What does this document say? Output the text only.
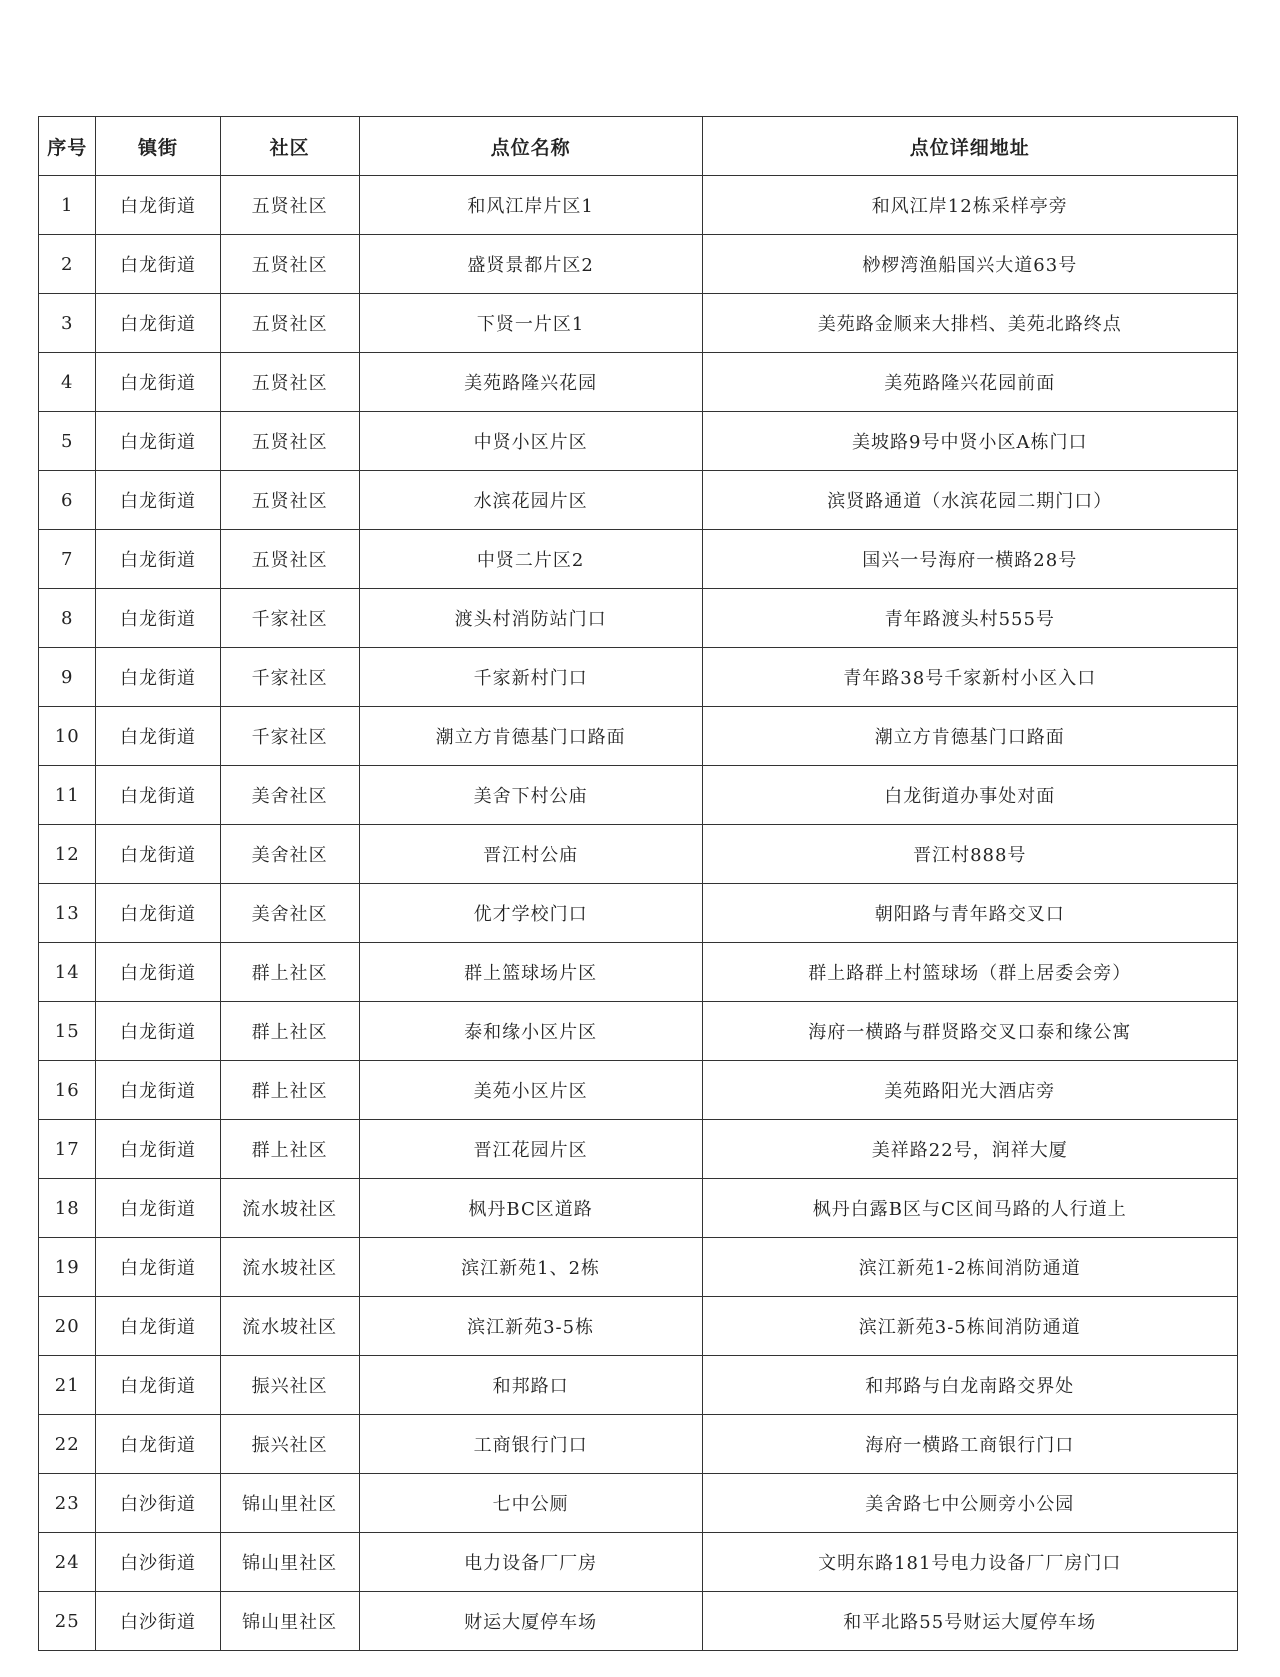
序号	镇街	社区	点位名称	点位详细地址
1	白龙街道	五贤社区	和风江岸片区1	和风江岸12栋采样亭旁
2	白龙街道	五贤社区	盛贤景都片区2	桫椤湾渔船国兴大道63号
3	白龙街道	五贤社区	下贤一片区1	美苑路金顺来大排档、美苑北路终点
4	白龙街道	五贤社区	美苑路隆兴花园	美苑路隆兴花园前面
5	白龙街道	五贤社区	中贤小区片区	美坡路9号中贤小区A栋门口
6	白龙街道	五贤社区	水滨花园片区	滨贤路通道（水滨花园二期门口）
7	白龙街道	五贤社区	中贤二片区2	国兴一号海府一横路28号
8	白龙街道	千家社区	渡头村消防站门口	青年路渡头村555号
9	白龙街道	千家社区	千家新村门口	青年路38号千家新村小区入口
10	白龙街道	千家社区	潮立方肯德基门口路面	潮立方肯德基门口路面
11	白龙街道	美舍社区	美舍下村公庙	白龙街道办事处对面
12	白龙街道	美舍社区	晋江村公庙	晋江村888号
13	白龙街道	美舍社区	优才学校门口	朝阳路与青年路交叉口
14	白龙街道	群上社区	群上篮球场片区	群上路群上村篮球场（群上居委会旁）
15	白龙街道	群上社区	泰和缘小区片区	海府一横路与群贤路交叉口泰和缘公寓
16	白龙街道	群上社区	美苑小区片区	美苑路阳光大酒店旁
17	白龙街道	群上社区	晋江花园片区	美祥路22号，润祥大厦
18	白龙街道	流水坡社区	枫丹BC区道路	枫丹白露B区与C区间马路的人行道上
19	白龙街道	流水坡社区	滨江新苑1、2栋	滨江新苑1-2栋间消防通道
20	白龙街道	流水坡社区	滨江新苑3-5栋	滨江新苑3-5栋间消防通道
21	白龙街道	振兴社区	和邦路口	和邦路与白龙南路交界处
22	白龙街道	振兴社区	工商银行门口	海府一横路工商银行门口
23	白沙街道	锦山里社区	七中公厕	美舍路七中公厕旁小公园
24	白沙街道	锦山里社区	电力设备厂厂房	文明东路181号电力设备厂厂房门口
25	白沙街道	锦山里社区	财运大厦停车场	和平北路55号财运大厦停车场
